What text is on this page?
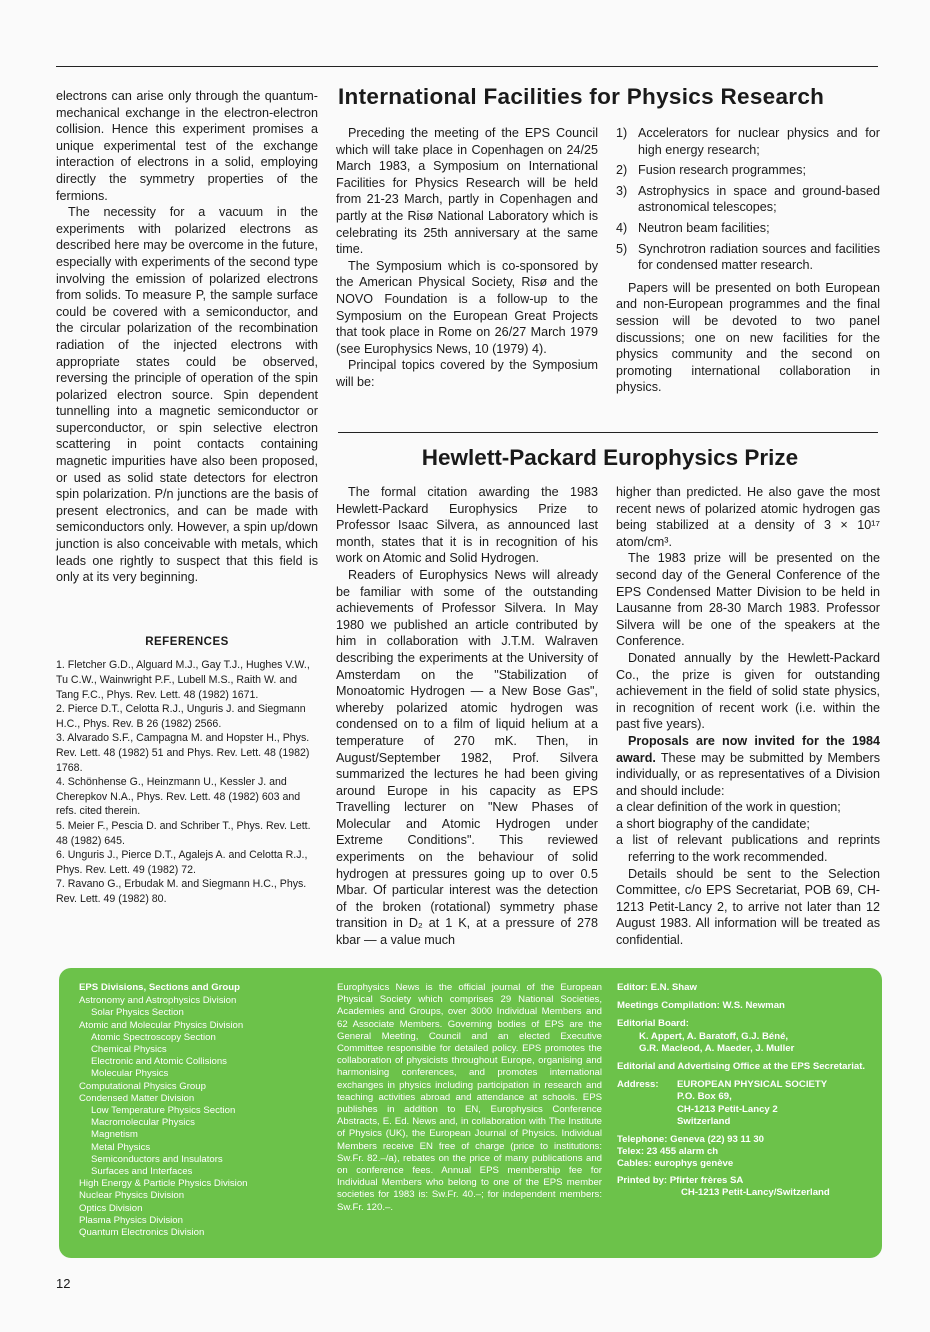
electrons can arise only through the quantum-mechanical exchange in the electron-electron collision. Hence this experiment promises a unique experimental test of the exchange interaction of electrons in a solid, employing directly the symmetry properties of the fermions.

The necessity for a vacuum in the experiments with polarized electrons as described here may be overcome in the future, especially with experiments of the second type involving the emission of polarized electrons from solids. To measure P, the sample surface could be covered with a semiconductor, and the circular polarization of the recombination radiation of the injected electrons with appropriate states could be observed, reversing the principle of operation of the spin polarized electron source. Spin dependent tunnelling into a magnetic semiconductor or superconductor, or spin selective electron scattering in point contacts containing magnetic impurities have also been proposed, or used as solid state detectors for electron spin polarization. P/n junctions are the basis of present electronics, and can be made with semiconductors only. However, a spin up/down junction is also conceivable with metals, which leads one rightly to suspect that this field is only at its very beginning.

REFERENCES
1. Fletcher G.D., Alguard M.J., Gay T.J., Hughes V.W., Tu C.W., Wainwright P.F., Lubell M.S., Raith W. and Tang F.C., Phys. Rev. Lett. 48 (1982) 1671.
2. Pierce D.T., Celotta R.J., Unguris J. and Siegmann H.C., Phys. Rev. B 26 (1982) 2566.
3. Alvarado S.F., Campagna M. and Hopster H., Phys. Rev. Lett. 48 (1982) 51 and Phys. Rev. Lett. 48 (1982) 1768.
4. Schönhense G., Heinzmann U., Kessler J. and Cherepkov N.A., Phys. Rev. Lett. 48 (1982) 603 and refs. cited therein.
5. Meier F., Pescia D. and Schriber T., Phys. Rev. Lett. 48 (1982) 645.
6. Unguris J., Pierce D.T., Agalejs A. and Celotta R.J., Phys. Rev. Lett. 49 (1982) 72.
7. Ravano G., Erbudak M. and Siegmann H.C., Phys. Rev. Lett. 49 (1982) 80.
International Facilities for Physics Research

Preceding the meeting of the EPS Council which will take place in Copenhagen on 24/25 March 1983, a Symposium on International Facilities for Physics Research will be held from 21-23 March, partly in Copenhagen and partly at the Risø National Laboratory which is celebrating its 25th anniversary at the same time.

The Symposium which is co-sponsored by the American Physical Society, Risø and the NOVO Foundation is a follow-up to the Symposium on the European Great Projects that took place in Rome on 26/27 March 1979 (see Europhysics News, 10 (1979) 4).

Principal topics covered by the Symposium will be:

1) Accelerators for nuclear physics and for high energy research;
2) Fusion research programmes;
3) Astrophysics in space and ground-based astronomical telescopes;
4) Neutron beam facilities;
5) Synchrotron radiation sources and facilities for condensed matter research.

Papers will be presented on both European and non-European programmes and the final session will be devoted to two panel discussions; one on new facilities for the physics community and the second on promoting international collaboration in physics.

Hewlett-Packard Europhysics Prize

The formal citation awarding the 1983 Hewlett-Packard Europhysics Prize to Professor Isaac Silvera, as announced last month, states that it is in recognition of his work on Atomic and Solid Hydrogen.

Readers of Europhysics News will already be familiar with some of the outstanding achievements of Professor Silvera. In May 1980 we published an article contributed by him in collaboration with J.T.M. Walraven describing the experiments at the University of Amsterdam on the "Stabilization of Monoatomic Hydrogen — a New Bose Gas", whereby polarized atomic hydrogen was condensed on to a film of liquid helium at a temperature of 270 mK. Then, in August/September 1982, Prof. Silvera summarized the lectures he had been giving around Europe in his capacity as EPS Travelling lecturer on "New Phases of Molecular and Atomic Hydrogen under Extreme Conditions". This reviewed experiments on the behaviour of solid hydrogen at pressures going up to over 0.5 Mbar. Of particular interest was the detection of the broken (rotational) symmetry phase transition in D₂ at 1 K, at a pressure of 278 kbar — a value much

higher than predicted. He also gave the most recent news of polarized atomic hydrogen gas being stabilized at a density of 3 × 10¹⁷ atom/cm³.

The 1983 prize will be presented on the second day of the General Conference of the EPS Condensed Matter Division to be held in Lausanne from 28-30 March 1983. Professor Silvera will be one of the speakers at the Conference.

Donated annually by the Hewlett-Packard Co., the prize is given for outstanding achievement in the field of solid state physics, in recognition of recent work (i.e. within the past five years).

Proposals are now invited for the 1984 award. These may be submitted by Members individually, or as representatives of a Division and should include:

a clear definition of the work in question;

a short biography of the candidate;

a list of relevant publications and reprints referring to the work recommended.

Details should be sent to the Selection Committee, c/o EPS Secretariat, POB 69, CH-1213 Petit-Lancy 2, to arrive not later than 12 August 1983. All information will be treated as confidential.

EPS Divisions, Sections and Group
Astronomy and Astrophysics Division
Solar Physics Section
Atomic and Molecular Physics Division
Atomic Spectroscopy Section
Chemical Physics
Electronic and Atomic Collisions
Molecular Physics
Computational Physics Group
Condensed Matter Division
Low Temperature Physics Section
Macromolecular Physics
Magnetism
Metal Physics
Semiconductors and Insulators
Surfaces and Interfaces
High Energy & Particle Physics Division
Nuclear Physics Division
Optics Division
Plasma Physics Division
Quantum Electronics Division
Europhysics News is the official journal of the European Physical Society which comprises 29 National Societies, Academies and Groups, over 3000 Individual Members and 62 Associate Members. Governing bodies of EPS are the General Meeting, Council and an elected Executive Committee responsible for detailed policy. EPS promotes the collaboration of physicists throughout Europe, organising and harmonising conferences, and promotes international exchanges in physics including participation in research and teaching activities abroad and attendance at schools. EPS publishes in addition to EN, Europhysics Conference Abstracts, E. Ed. News and, in collaboration with The Institute of Physics (UK), the European Journal of Physics. Individual Members receive EN free of charge (price to institutions: Sw.Fr. 82.–/a), rebates on the price of many publications and on conference fees. Annual EPS membership fee for Individual Members who belong to one of the EPS member societies for 1983 is: Sw.Fr. 40.–; for independent members: Sw.Fr. 120.–.
Editor: E.N. Shaw
Meetings Compilation: W.S. Newman
Editorial Board:
K. Appert, A. Baratoff, G.J. Béné,
G.R. Macleod, A. Maeder, J. Muller
Editorial and Advertising Office at the EPS Secretariat.
Address:	EUROPEAN PHYSICAL SOCIETY
P.O. Box 69,
CH-1213 Petit-Lancy 2
Switzerland
Telephone: Geneva (22) 93 11 30
Telex: 23 455 alarm ch
Cables: europhys genève
Printed by: Pfirter frères SA
CH-1213 Petit-Lancy/Switzerland
12
